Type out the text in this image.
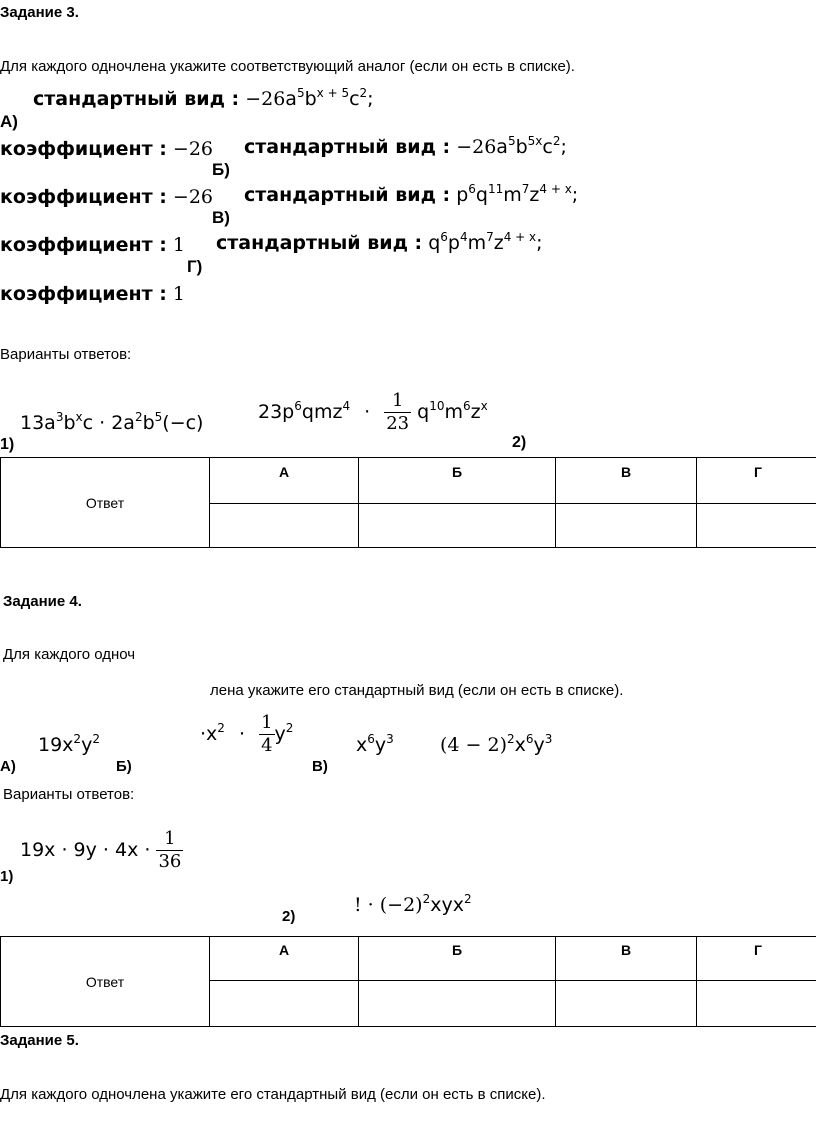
Задание 3.
Для каждого одночлена укажите соответствующий аналог (если он есть в списке).
стандартный вид : $-26a^5b^{x + 5}c^2$;
А)
коэффициент : −26 стандартный вид : $-26a^5b^{5x}c^2$;
Б)
коэффициент : −26 стандартный вид : $p^6q^{11}m^7z^{4 + x}$;
В)
коэффициент : 1 стандартный вид : $q^6p^4m^7z^{4 + x}$;
Г)
коэффициент : 1
Варианты ответов:
$13a^3b^xc \cdot 2a^2b^5(-c)$
1)
$23p^6qmz^4 \cdot \frac{1}{23} q^{10}m^6z^x$
2)
Ответ	А	Б	В	Г

Задание 4.
Для каждого одноч
лена укажите его стандартный вид (если он есть в списке).
$19x^2y^2$
А)
$\cdot x^2 \cdot \frac{1}{4} y^2$
Б)
$x^6y^3$ $(4 - 2)^2x^6y^3$
В)
Варианты ответов:
$19x \cdot 9y \cdot 4x \cdot \frac{1}{36}$
1)
! · $(-2)^2xyx^2$
2)
Ответ	А	Б	В	Г

Задание 5.
Для каждого одночлена укажите его стандартный вид (если он есть в списке).
